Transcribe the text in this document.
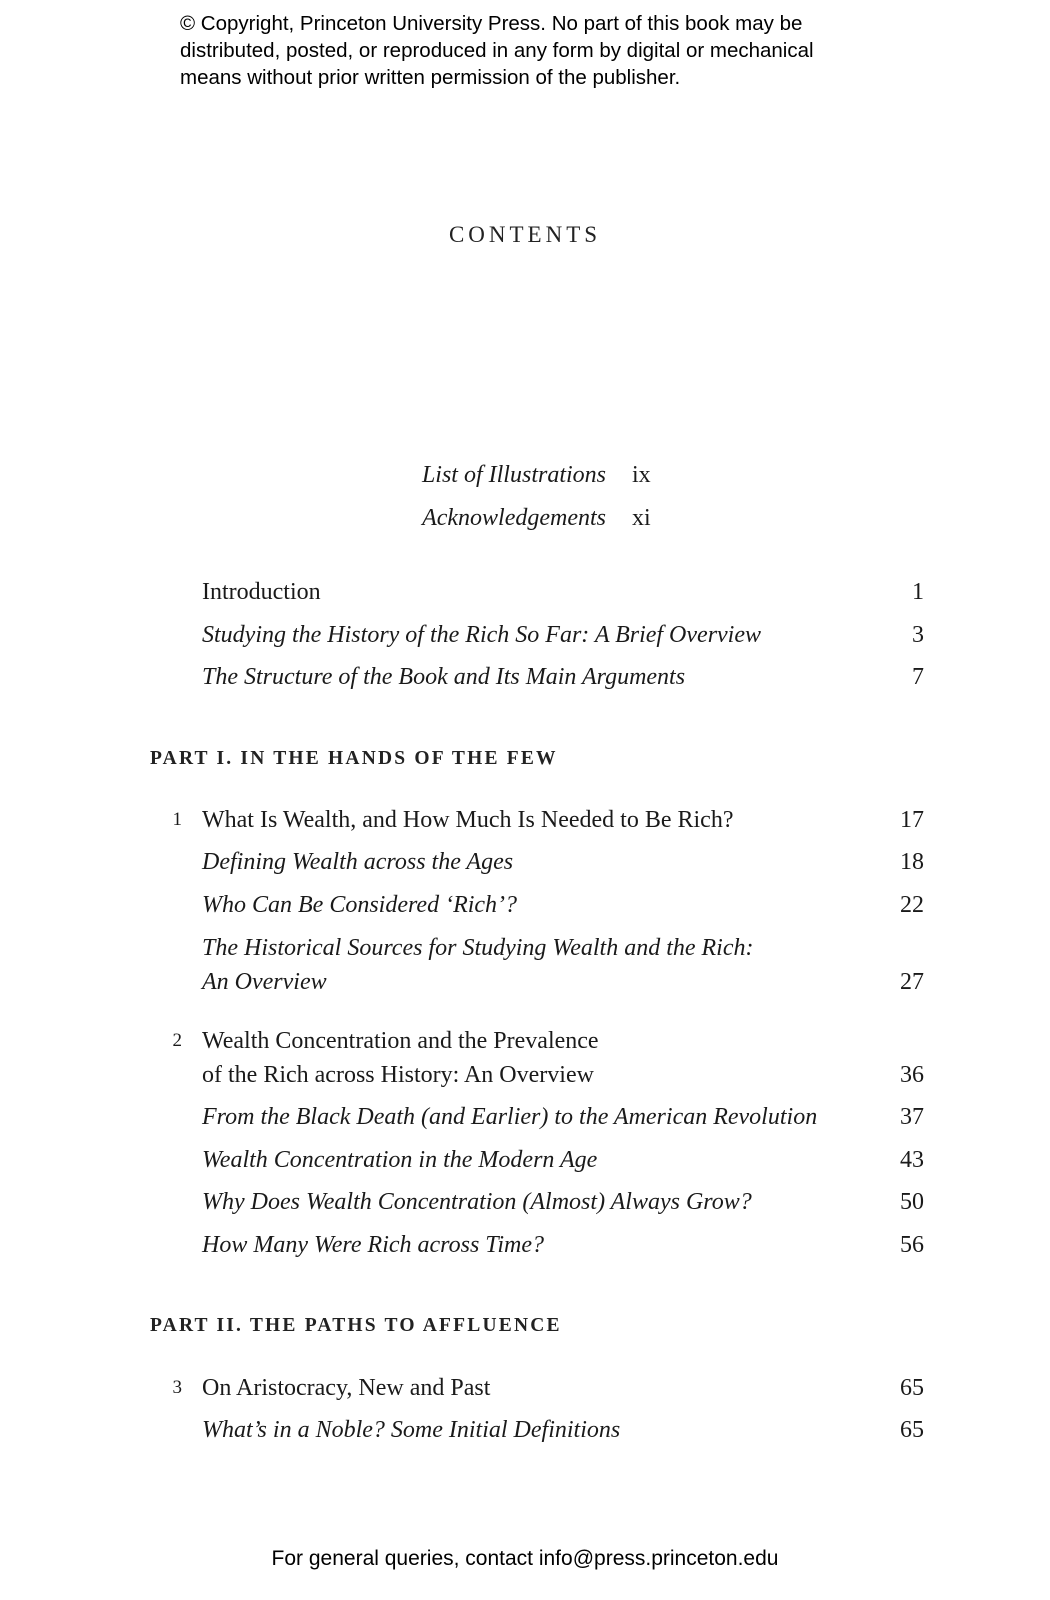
© Copyright, Princeton University Press. No part of this book may be
distributed, posted, or reproduced in any form by digital or mechanical
means without prior written permission of the publisher.
CONTENTS
List of Illustrations ix
Acknowledgements xi
Introduction	1
Studying the History of the Rich So Far: A Brief Overview	3
The Structure of the Book and Its Main Arguments	7
PART I. IN THE HANDS OF THE FEW
1 What Is Wealth, and How Much Is Needed to Be Rich?	17
Defining Wealth across the Ages	18
Who Can Be Considered ‘Rich’?	22
The Historical Sources for Studying Wealth and the Rich:
An Overview	27
2 Wealth Concentration and the Prevalence
of the Rich across History: An Overview	36
From the Black Death (and Earlier) to the American Revolution	37
Wealth Concentration in the Modern Age	43
Why Does Wealth Concentration (Almost) Always Grow?	50
How Many Were Rich across Time?	56
PART II. THE PATHS TO AFFLUENCE
3 On Aristocracy, New and Past	65
What’s in a Noble? Some Initial Definitions	65
For general queries, contact info@press.princeton.edu
